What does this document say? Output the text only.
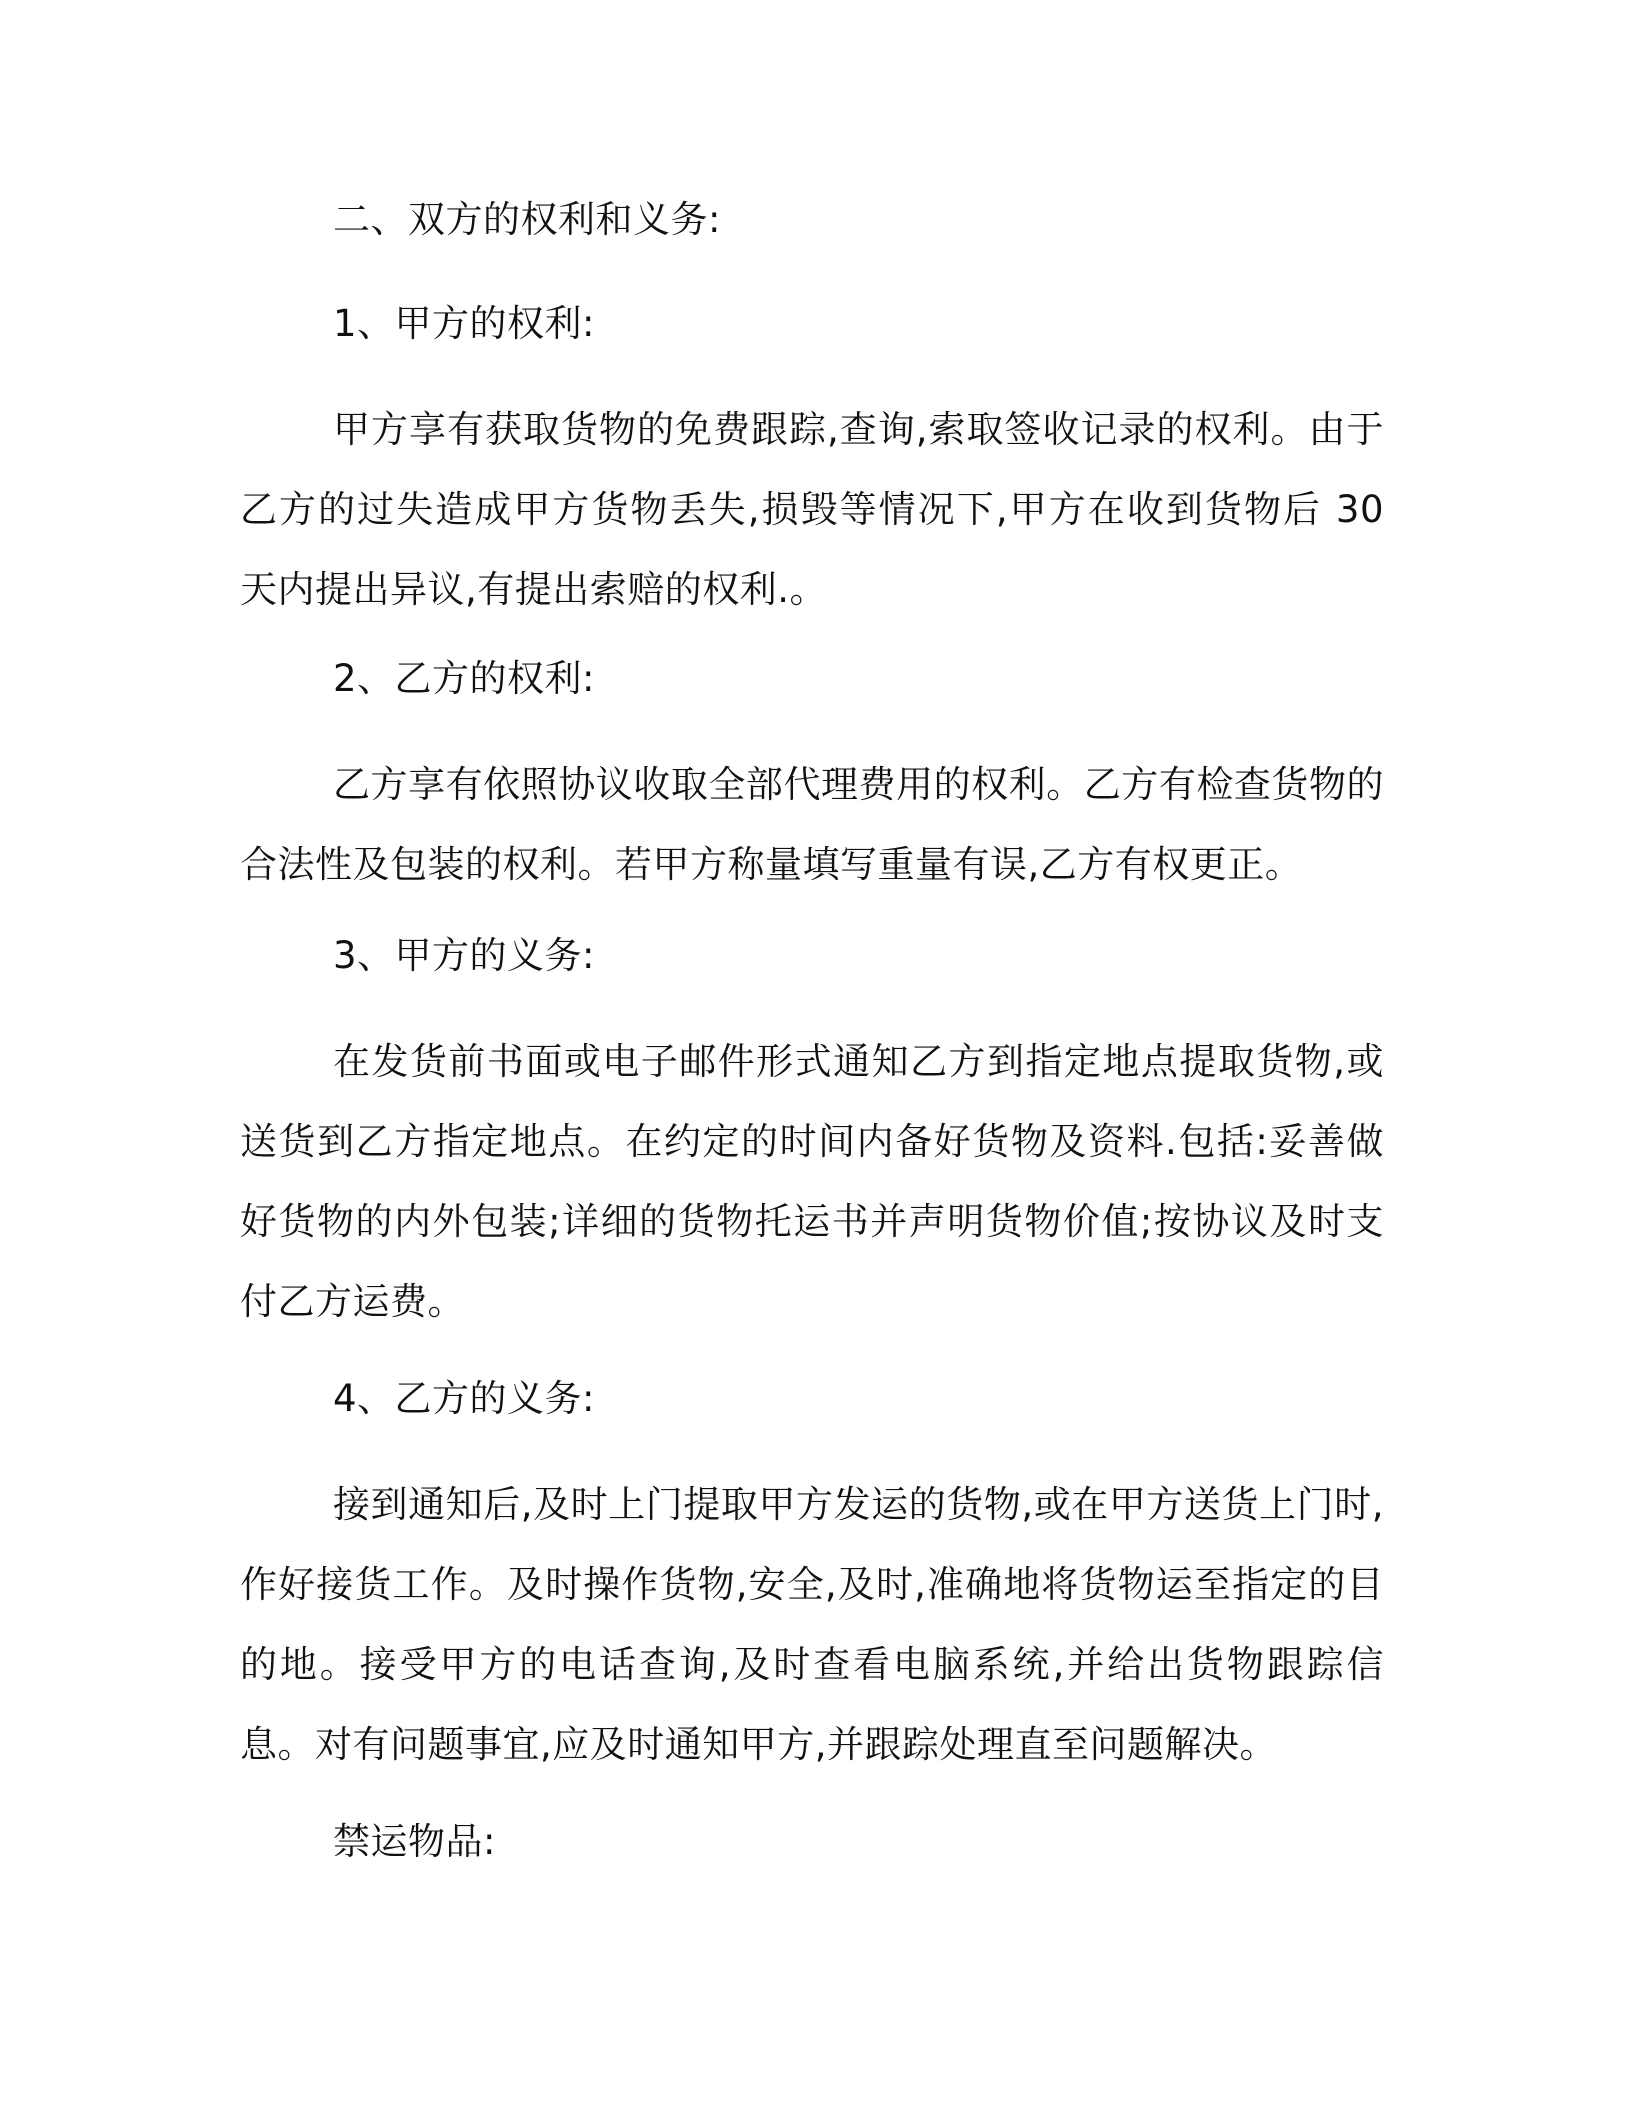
二、双方的权利和义务:

1、甲方的权利:

甲方享有获取货物的免费跟踪,查询,索取签收记录的权利。由于乙方的过失造成甲方货物丢失,损毁等情况下,甲方在收到货物后 30 天内提出异议,有提出索赔的权利.。

2、乙方的权利:

乙方享有依照协议收取全部代理费用的权利。乙方有检查货物的合法性及包装的权利。若甲方称量填写重量有误,乙方有权更正。

3、甲方的义务:

在发货前书面或电子邮件形式通知乙方到指定地点提取货物,或送货到乙方指定地点。在约定的时间内备好货物及资料.包括:妥善做好货物的内外包装;详细的货物托运书并声明货物价值;按协议及时支付乙方运费。

4、乙方的义务:

接到通知后,及时上门提取甲方发运的货物,或在甲方送货上门时,作好接货工作。及时操作货物,安全,及时,准确地将货物运至指定的目的地。接受甲方的电话查询,及时查看电脑系统,并给出货物跟踪信息。对有问题事宜,应及时通知甲方,并跟踪处理直至问题解决。

禁运物品:
